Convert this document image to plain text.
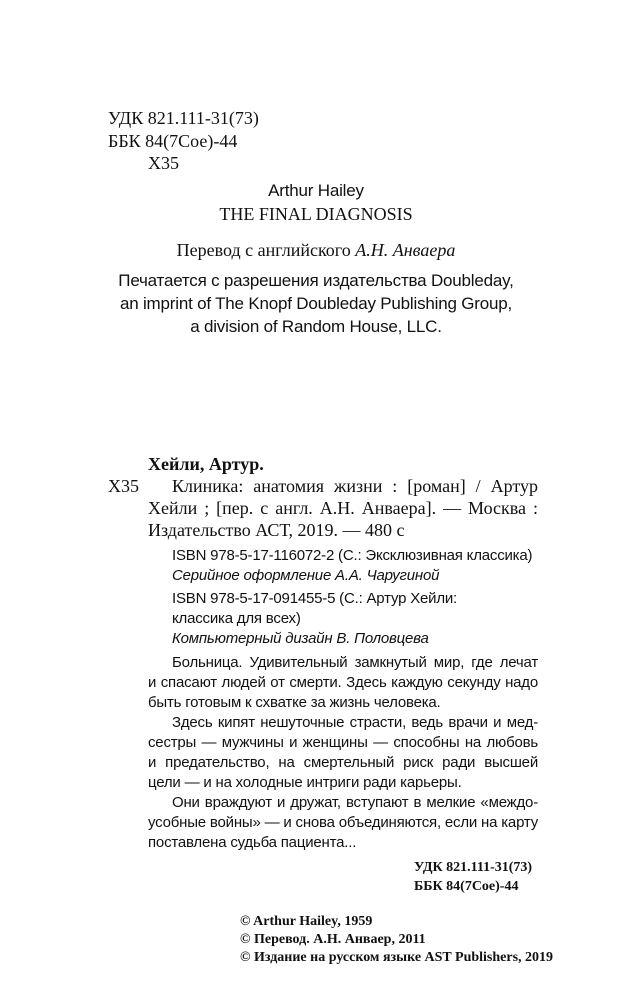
УДК 821.111-31(73)
ББК 84(7Сое)-44
Х35
Arthur Hailey
THE FINAL DIAGNOSIS
Перевод с английского А.Н. Анваера
Печатается с разрешения издательства Doubleday,
an imprint of The Knopf Doubleday Publishing Group,
a division of Random House, LLC.
Хейли, Артур.
Х35 Клиника: анатомия жизни : [роман] / Артур
Хейли ; [пер. с англ. А.Н. Анваера]. — Москва :
Издательство АСТ, 2019. — 480 с
ISBN 978-5-17-116072-2 (С.: Эксклюзивная классика)
Серийное оформление А.А. Чаругиной
ISBN 978-5-17-091455-5 (С.: Артур Хейли:
классика для всех)
Компьютерный дизайн В. Половцева
Больница. Удивительный замкнутый мир, где лечат
и спасают людей от смерти. Здесь каждую секунду надо
быть готовым к схватке за жизнь человека.
Здесь кипят нешуточные страсти, ведь врачи и мед-
сестры — мужчины и женщины — способны на любовь
и предательство, на смертельный риск ради высшей
цели — и на холодные интриги ради карьеры.
Они враждуют и дружат, вступают в мелкие «междо-
усобные войны» — и снова объединяются, если на карту
поставлена судьба пациента...
УДК 821.111-31(73)
ББК 84(7Сое)-44
© Arthur Hailey, 1959
© Перевод. А.Н. Анваер, 2011
© Издание на русском языке AST Publishers, 2019
